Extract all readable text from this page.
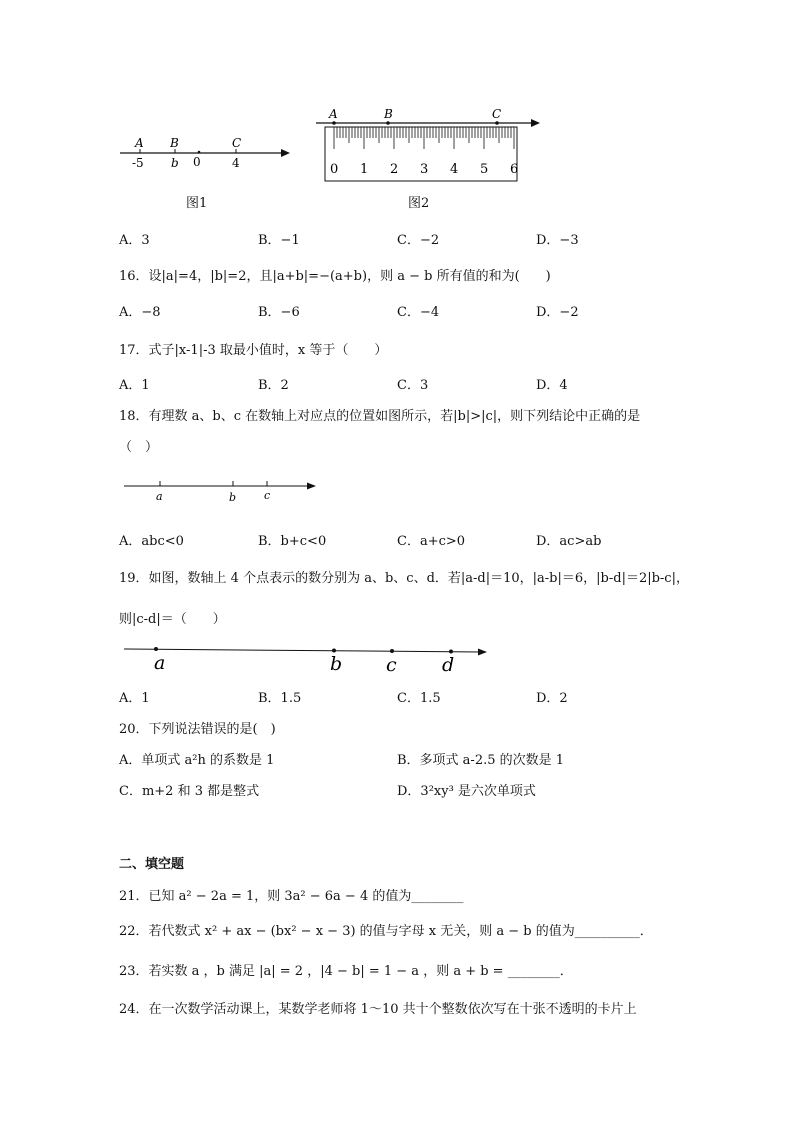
A B	C
-5 b 0	4
图1
A	B	C
0 1 2 3 4 5 6
图2
A．3	B．−1	C．−2	D．−3
16．设|a|=4，|b|=2，且|a+b|=−(a+b)，则 a − b 所有值的和为(　　)
A．−8	B．−6	C．−4	D．−2
17．式子|x-1|-3 取最小值时，x 等于（　　）
A．1	B．2	C．3	D．4
18．有理数 a、b、c 在数轴上对应点的位置如图所示，若|b|>|c|，则下列结论中正确的是
（　）
a	b	c
A．abc<0	B．b+c<0	C．a+c>0	D．ac>ab
19．如图，数轴上 4 个点表示的数分别为 a、b、c、d．若|a-d|＝10，|a-b|＝6，|b-d|＝2|b-c|，
则|c-d|＝（　　）
a	b c d
A．1	B．1.5	C．1.5	D．2
20．下列说法错误的是(　)
A．单项式 a²h 的系数是 1	B．多项式 a-2.5 的次数是 1
C．m+2 和 3 都是整式	D．3²xy³ 是六次单项式
二、填空题
21．已知 a² − 2a = 1，则 3a² − 6a − 4 的值为________
22．若代数式 x² + ax − (bx² − x − 3) 的值与字母 x 无关，则 a − b 的值为__________．
23．若实数 a ，b 满足 |a| = 2 ，|4 − b| = 1 − a ，则 a + b = ________．
24．在一次数学活动课上，某数学老师将 1～10 共十个整数依次写在十张不透明的卡片上
